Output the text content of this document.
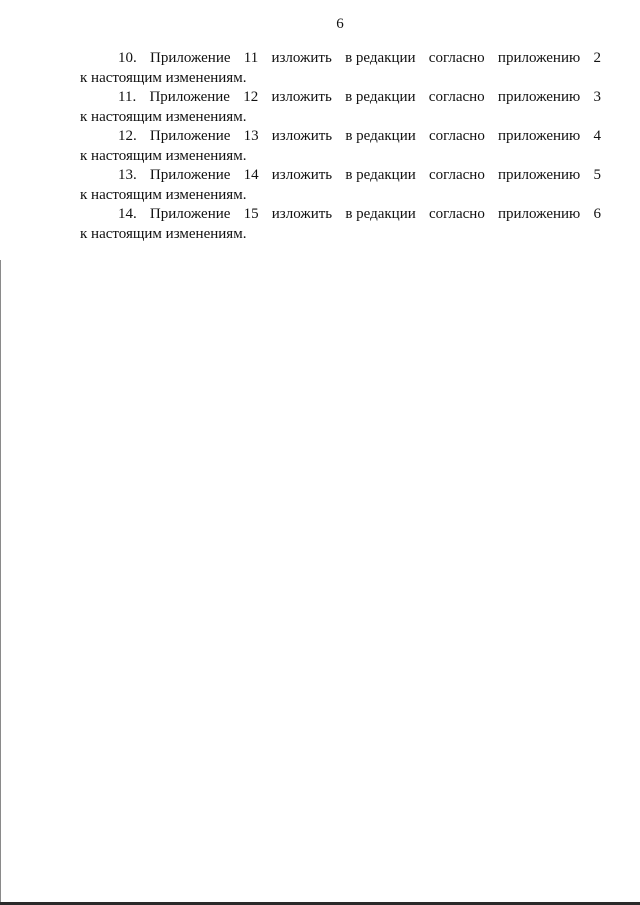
6
10. Приложение 11 изложить в редакции согласно приложению 2
к настоящим изменениям.
11. Приложение 12 изложить в редакции согласно приложению 3
к настоящим изменениям.
12. Приложение 13 изложить в редакции согласно приложению 4
к настоящим изменениям.
13. Приложение 14 изложить в редакции согласно приложению 5
к настоящим изменениям.
14. Приложение 15 изложить в редакции согласно приложению 6
к настоящим изменениям.
